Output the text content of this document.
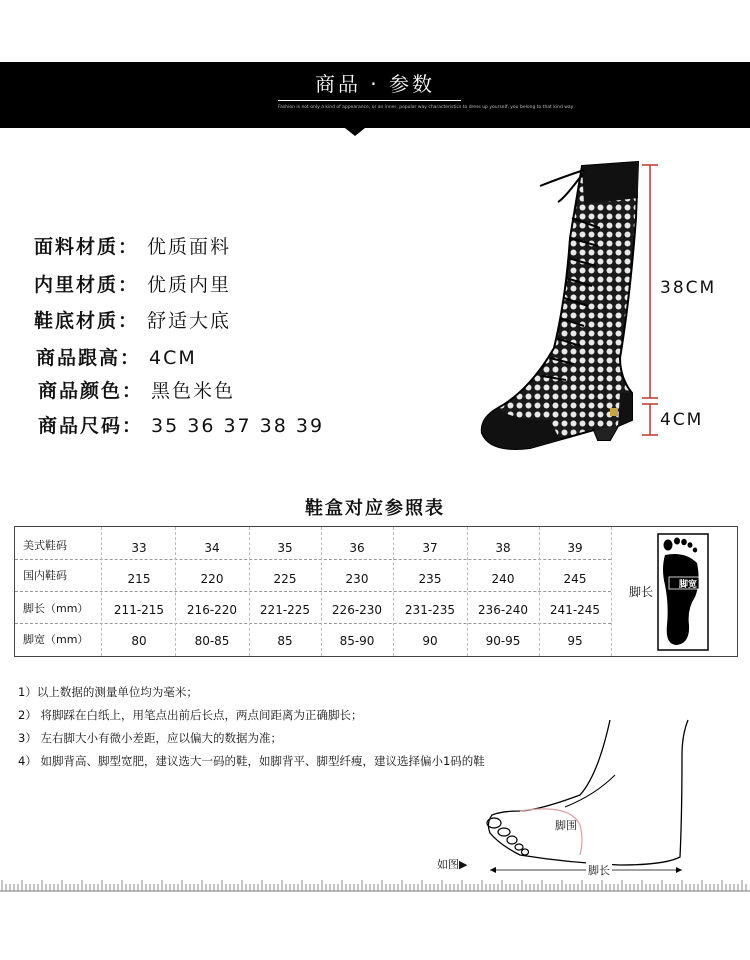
商品 · 参数
Fashion is not only a kind of appearance, or an inner, popular way characteristics to dress up yourself, you belong to that kind way
面料材质： 优质面料
内里材质： 优质内里
鞋底材质： 舒适大底
商品跟高： 4CM
商品颜色： 黑色米色
商品尺码： 35 36 37 38 39
38CM
4CM
鞋盒对应参照表
美式鞋码	33	34	35	36	37	38	39
国内鞋码	215	220	225	230	235	240	245
脚长（mm）	211-215	216-220	221-225	226-230	231-235	236-240	241-245
脚宽（mm）	80	80-85	85	85-90	90	90-95	95
脚长	脚宽
1）以上数据的测量单位均为毫米；
2） 将脚踩在白纸上，用笔点出前后长点，两点间距离为正确脚长；
3） 左右脚大小有微小差距，应以偏大的数据为准；
4） 如脚背高、脚型宽肥，建议选大一码的鞋，如脚背平、脚型纤瘦，建议选择偏小1码的鞋
脚围
脚长
如图▶
